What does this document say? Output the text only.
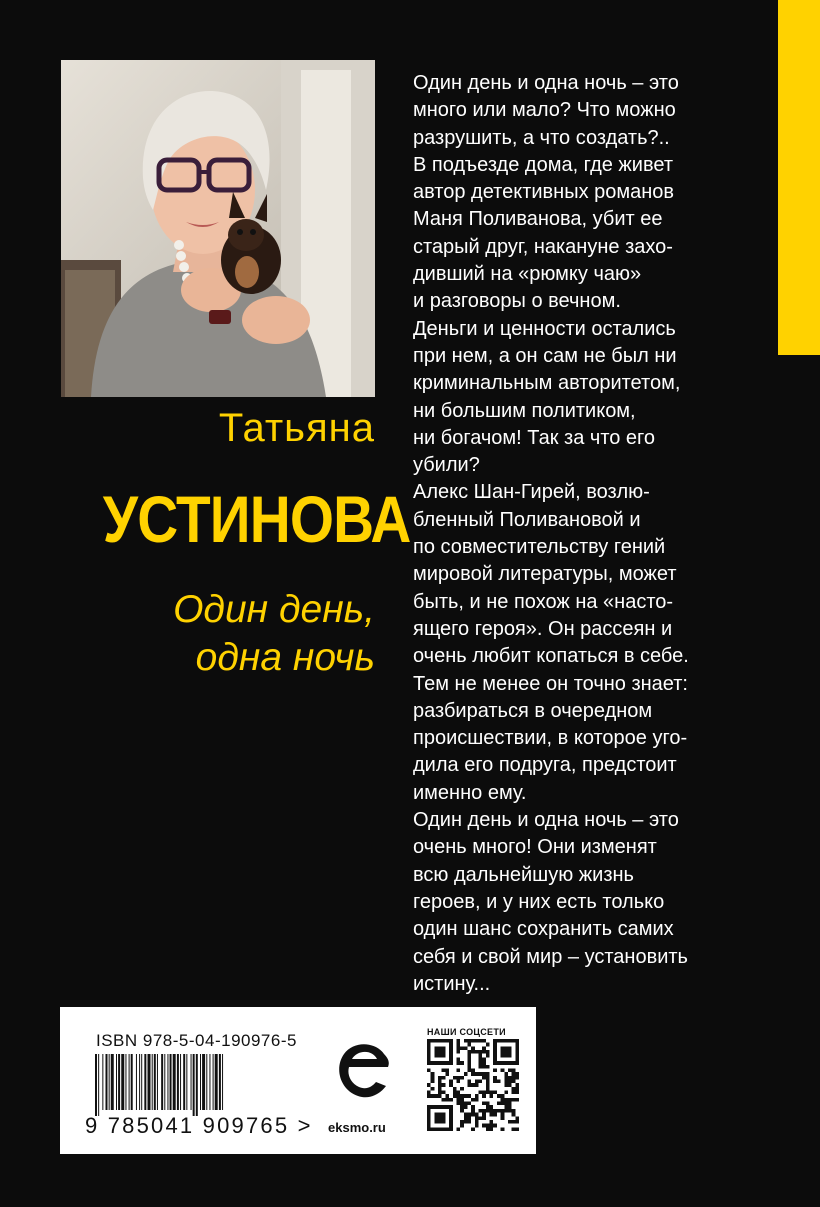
Татьяна
УСТИНОВА
Один день,
одна ночь
Один день и одна ночь – это
много или мало? Что можно
разрушить, а что создать?..
В подъезде дома, где живет
автор детективных романов
Маня Поливанова, убит ее
старый друг, накануне захо-
дивший на «рюмку чаю»
и разговоры о вечном.
Деньги и ценности остались
при нем, а он сам не был ни
криминальным авторитетом,
ни большим политиком,
ни богачом! Так за что его
убили?
Алекс Шан-Гирей, возлю-
бленный Поливановой и
по совместительству гений
мировой литературы, может
быть, и не похож на «насто-
ящего героя». Он рассеян и
очень любит копаться в себе.
Тем не менее он точно знает:
разбираться в очередном
происшествии, в которое уго-
дила его подруга, предстоит
именно ему.
Один день и одна ночь – это
очень много! Они изменят
всю дальнейшую жизнь
героев, и у них есть только
один шанс сохранить самих
себя и свой мир – установить
истину...
ISBN 978-5-04-190976-5
9 785041 909765 > eksmo.ru
НАШИ СОЦСЕТИ
